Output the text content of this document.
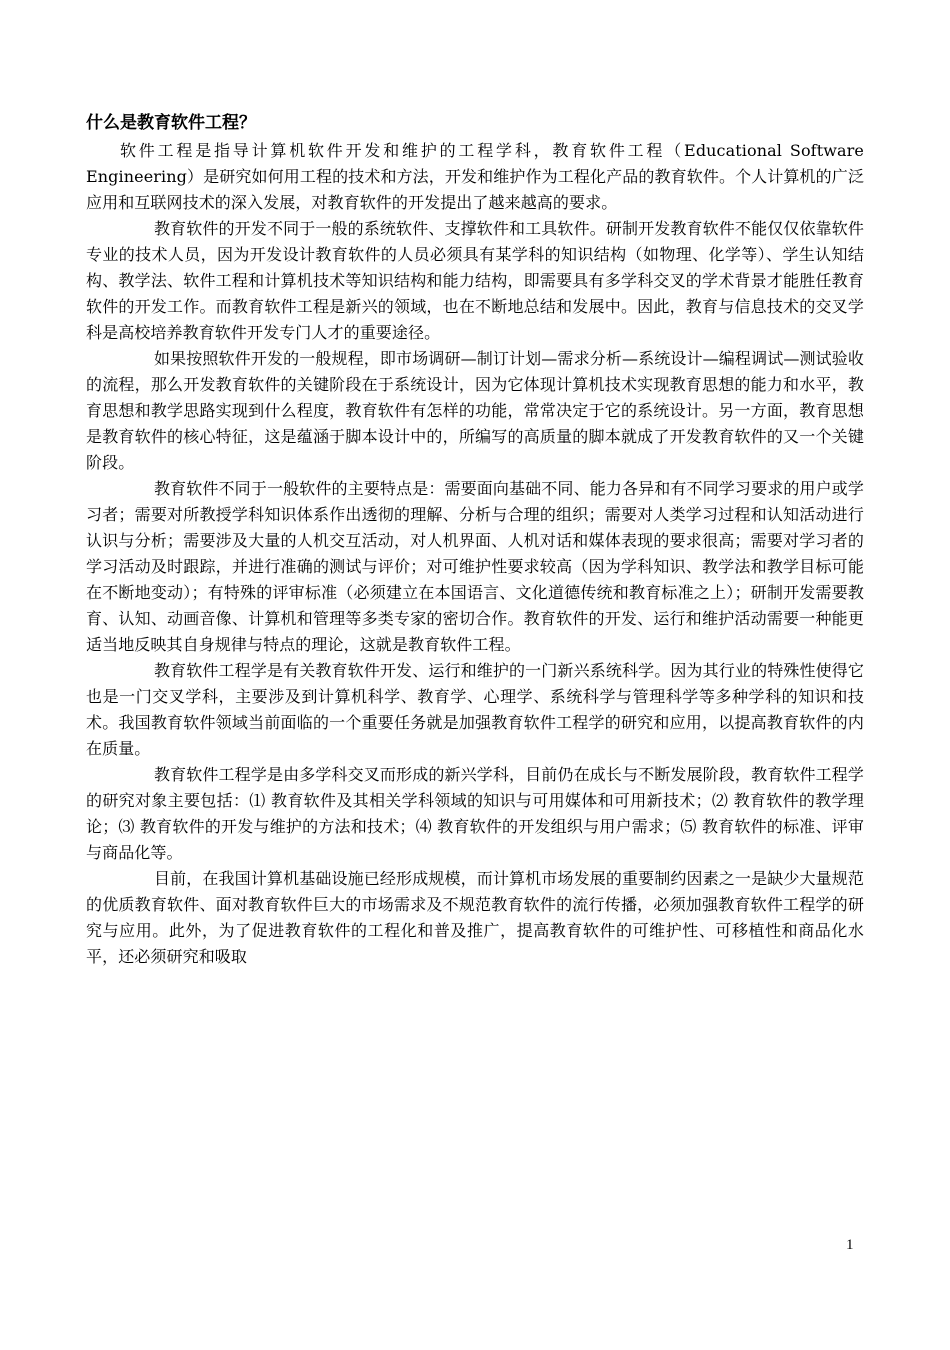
什么是教育软件工程？

软件工程是指导计算机软件开发和维护的工程学科，教育软件工程（Educational Software Engineering）是研究如何用工程的技术和方法，开发和维护作为工程化产品的教育软件。个人计算机的广泛应用和互联网技术的深入发展，对教育软件的开发提出了越来越高的要求。

教育软件的开发不同于一般的系统软件、支撑软件和工具软件。研制开发教育软件不能仅仅依靠软件专业的技术人员，因为开发设计教育软件的人员必须具有某学科的知识结构（如物理、化学等）、学生认知结构、教学法、软件工程和计算机技术等知识结构和能力结构，即需要具有多学科交叉的学术背景才能胜任教育软件的开发工作。而教育软件工程是新兴的领域，也在不断地总结和发展中。因此，教育与信息技术的交叉学科是高校培养教育软件开发专门人才的重要途径。

如果按照软件开发的一般规程，即市场调研—制订计划—需求分析—系统设计—编程调试—测试验收的流程，那么开发教育软件的关键阶段在于系统设计，因为它体现计算机技术实现教育思想的能力和水平，教育思想和教学思路实现到什么程度，教育软件有怎样的功能，常常决定于它的系统设计。另一方面，教育思想是教育软件的核心特征，这是蕴涵于脚本设计中的，所编写的高质量的脚本就成了开发教育软件的又一个关键阶段。

教育软件不同于一般软件的主要特点是：需要面向基础不同、能力各异和有不同学习要求的用户或学习者；需要对所教授学科知识体系作出透彻的理解、分析与合理的组织；需要对人类学习过程和认知活动进行认识与分析；需要涉及大量的人机交互活动，对人机界面、人机对话和媒体表现的要求很高；需要对学习者的学习活动及时跟踪，并进行准确的测试与评价；对可维护性要求较高（因为学科知识、教学法和教学目标可能在不断地变动）；有特殊的评审标准（必须建立在本国语言、文化道德传统和教育标准之上）；研制开发需要教育、认知、动画音像、计算机和管理等多类专家的密切合作。教育软件的开发、运行和维护活动需要一种能更适当地反映其自身规律与特点的理论，这就是教育软件工程。

教育软件工程学是有关教育软件开发、运行和维护的一门新兴系统科学。因为其行业的特殊性使得它也是一门交叉学科，主要涉及到计算机科学、教育学、心理学、系统科学与管理科学等多种学科的知识和技术。我国教育软件领域当前面临的一个重要任务就是加强教育软件工程学的研究和应用，以提高教育软件的内在质量。

教育软件工程学是由多学科交叉而形成的新兴学科，目前仍在成长与不断发展阶段，教育软件工程学的研究对象主要包括：⑴ 教育软件及其相关学科领域的知识与可用媒体和可用新技术；⑵ 教育软件的教学理论；⑶ 教育软件的开发与维护的方法和技术；⑷ 教育软件的开发组织与用户需求；⑸ 教育软件的标准、评审与商品化等。

目前，在我国计算机基础设施已经形成规模，而计算机市场发展的重要制约因素之一是缺少大量规范的优质教育软件、面对教育软件巨大的市场需求及不规范教育软件的流行传播，必须加强教育软件工程学的研究与应用。此外，为了促进教育软件的工程化和普及推广，提高教育软件的可维护性、可移植性和商品化水平，还必须研究和吸取

1
